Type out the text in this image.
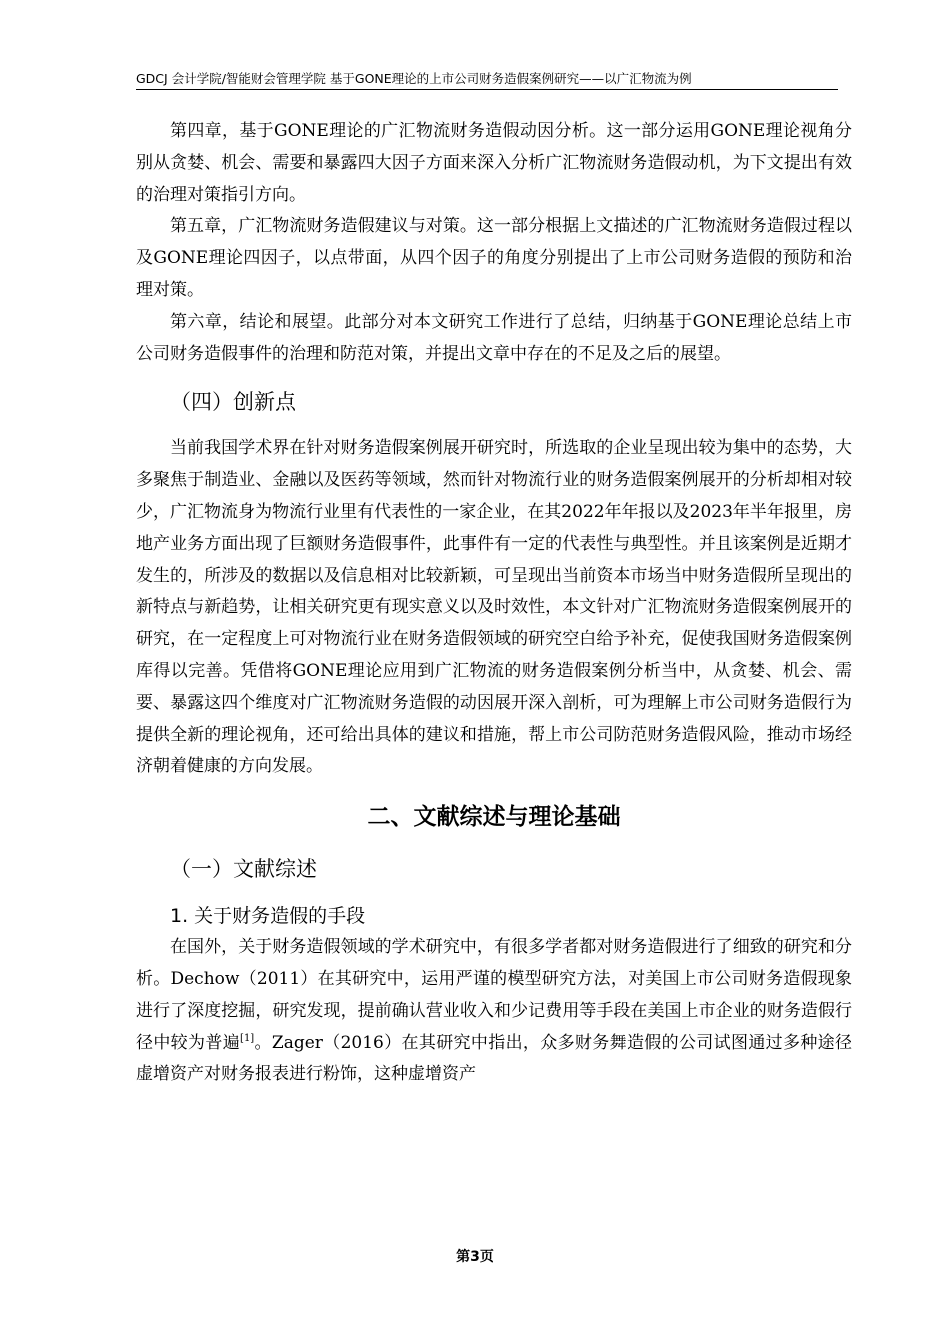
GDCJ 会计学院/智能财会管理学院 基于GONE理论的上市公司财务造假案例研究——以广汇物流为例

第四章，基于GONE理论的广汇物流财务造假动因分析。这一部分运用GONE理论视角分别从贪婪、机会、需要和暴露四大因子方面来深入分析广汇物流财务造假动机，为下文提出有效的治理对策指引方向。

第五章，广汇物流财务造假建议与对策。这一部分根据上文描述的广汇物流财务造假过程以及GONE理论四因子，以点带面，从四个因子的角度分别提出了上市公司财务造假的预防和治理对策。

第六章，结论和展望。此部分对本文研究工作进行了总结，归纳基于GONE理论总结上市公司财务造假事件的治理和防范对策，并提出文章中存在的不足及之后的展望。

（四）创新点

当前我国学术界在针对财务造假案例展开研究时，所选取的企业呈现出较为集中的态势，大多聚焦于制造业、金融以及医药等领域，然而针对物流行业的财务造假案例展开的分析却相对较少，广汇物流身为物流行业里有代表性的一家企业，在其2022年年报以及2023年半年报里，房地产业务方面出现了巨额财务造假事件，此事件有一定的代表性与典型性。并且该案例是近期才发生的，所涉及的数据以及信息相对比较新颖，可呈现出当前资本市场当中财务造假所呈现出的新特点与新趋势，让相关研究更有现实意义以及时效性，本文针对广汇物流财务造假案例展开的研究，在一定程度上可对物流行业在财务造假领域的研究空白给予补充，促使我国财务造假案例库得以完善。凭借将GONE理论应用到广汇物流的财务造假案例分析当中，从贪婪、机会、需要、暴露这四个维度对广汇物流财务造假的动因展开深入剖析，可为理解上市公司财务造假行为提供全新的理论视角，还可给出具体的建议和措施，帮上市公司防范财务造假风险，推动市场经济朝着健康的方向发展。

二、文献综述与理论基础
（一）文献综述
1. 关于财务造假的手段

在国外，关于财务造假领域的学术研究中，有很多学者都对财务造假进行了细致的研究和分析。Dechow（2011）在其研究中，运用严谨的模型研究方法，对美国上市公司财务造假现象进行了深度挖掘，研究发现，提前确认营业收入和少记费用等手段在美国上市企业的财务造假行径中较为普遍[1]。Zager（2016）在其研究中指出，众多财务舞造假的公司试图通过多种途径虚增资产对财务报表进行粉饰，这种虚增资产

第3页
